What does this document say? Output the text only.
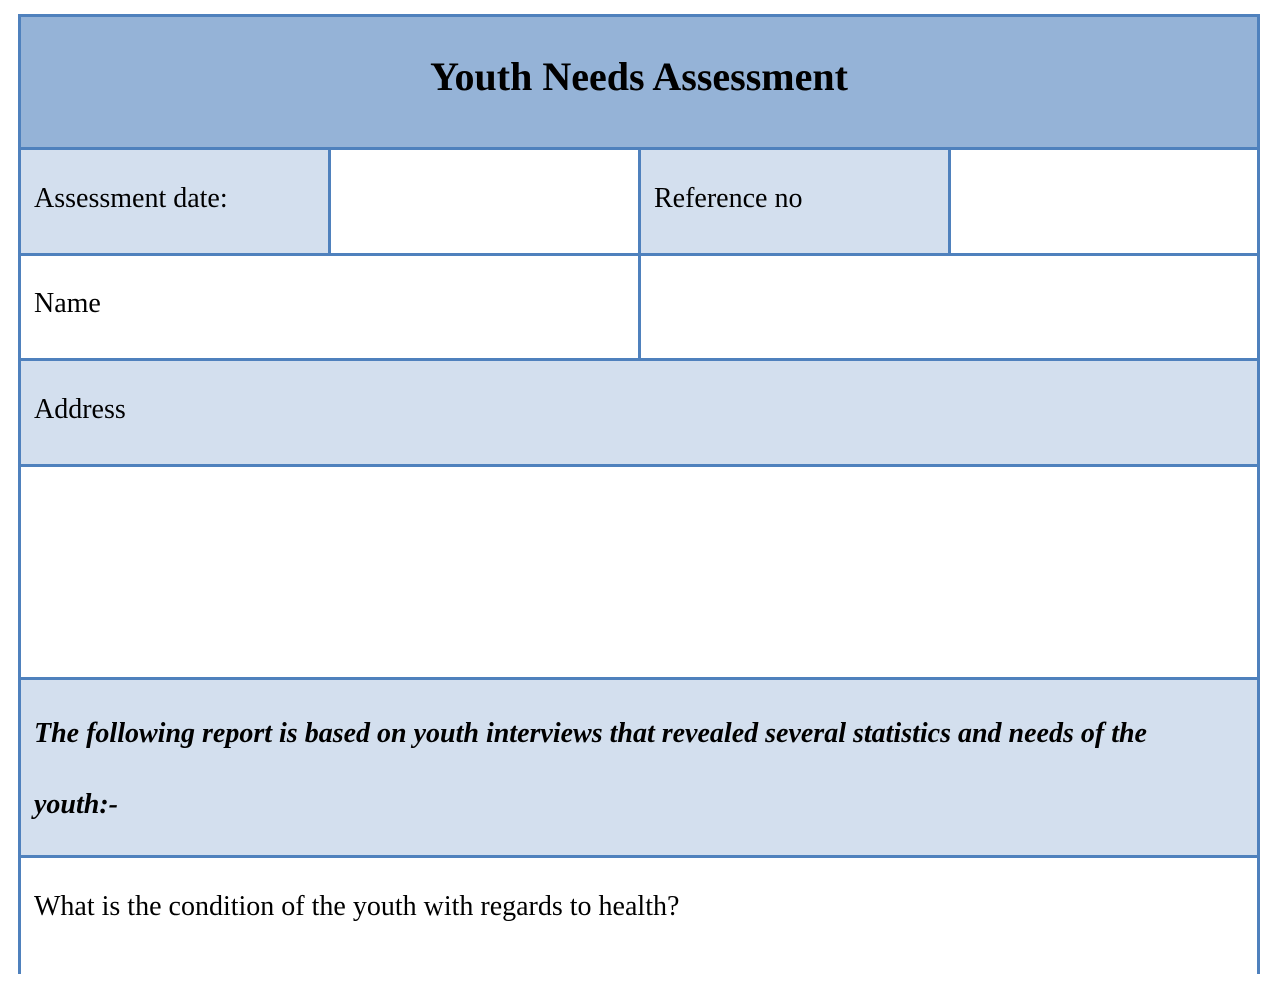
Youth Needs Assessment
Assessment date:	Reference no
Name
Address
The following report is based on youth interviews that revealed several statistics and needs of the youth:-
What is the condition of the youth with regards to health?
